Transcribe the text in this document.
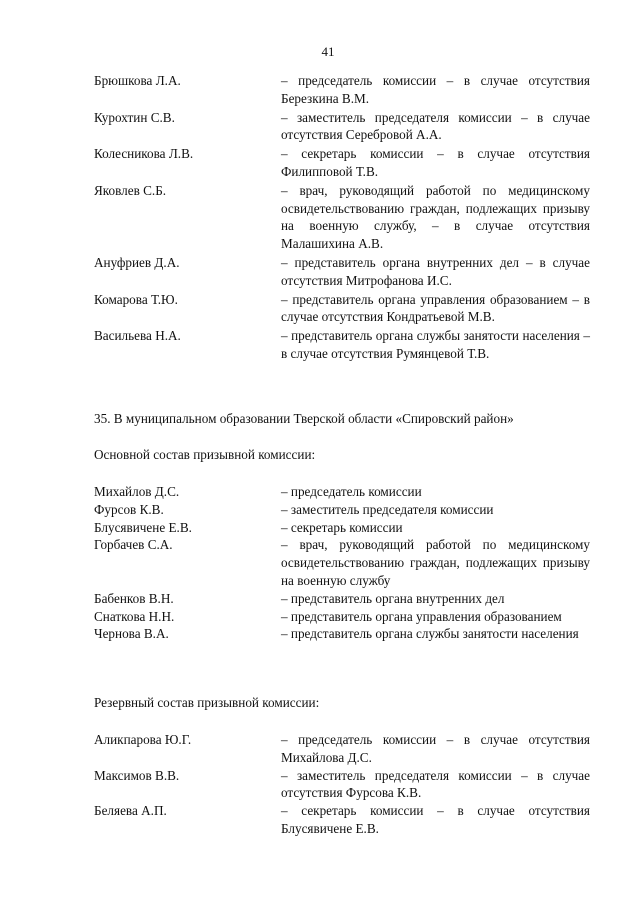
41
Брюшкова Л.А.	– председатель комиссии – в случае отсутствия Березкина В.М.
Курохтин С.В.	– заместитель председателя комиссии – в случае отсутствия Серебровой А.А.
Колесникова Л.В.	– секретарь комиссии – в случае отсутствия Филипповой Т.В.
Яковлев С.Б.	– врач, руководящий работой по медицинскому освидетельствованию граждан, подлежащих призыву на военную службу, – в случае отсутствия Малашихина А.В.
Ануфриев Д.А.	– представитель органа внутренних дел – в случае отсутствия Митрофанова И.С.
Комарова Т.Ю.	– представитель органа управления образованием – в случае отсутствия Кондратьевой М.В.
Васильева Н.А.	– представитель органа службы занятости населения – в случае отсутствия Румянцевой Т.В.
35. В муниципальном образовании Тверской области «Спировский район»
Основной состав призывной комиссии:
Михайлов Д.С.	– председатель комиссии
Фурсов К.В.	– заместитель председателя комиссии
Блусявичене Е.В.	– секретарь комиссии
Горбачев С.А.	– врач, руководящий работой по медицинскому освидетельствованию граждан, подлежащих призыву на военную службу
Бабенков В.Н.	– представитель органа внутренних дел
Снаткова Н.Н.	– представитель органа управления образованием
Чернова В.А.	– представитель органа службы занятости населения
Резервный состав призывной комиссии:
Аликпарова Ю.Г.	– председатель комиссии – в случае отсутствия Михайлова Д.С.
Максимов В.В.	– заместитель председателя комиссии – в случае отсутствия Фурсова К.В.
Беляева А.П.	– секретарь комиссии – в случае отсутствия Блусявичене Е.В.
